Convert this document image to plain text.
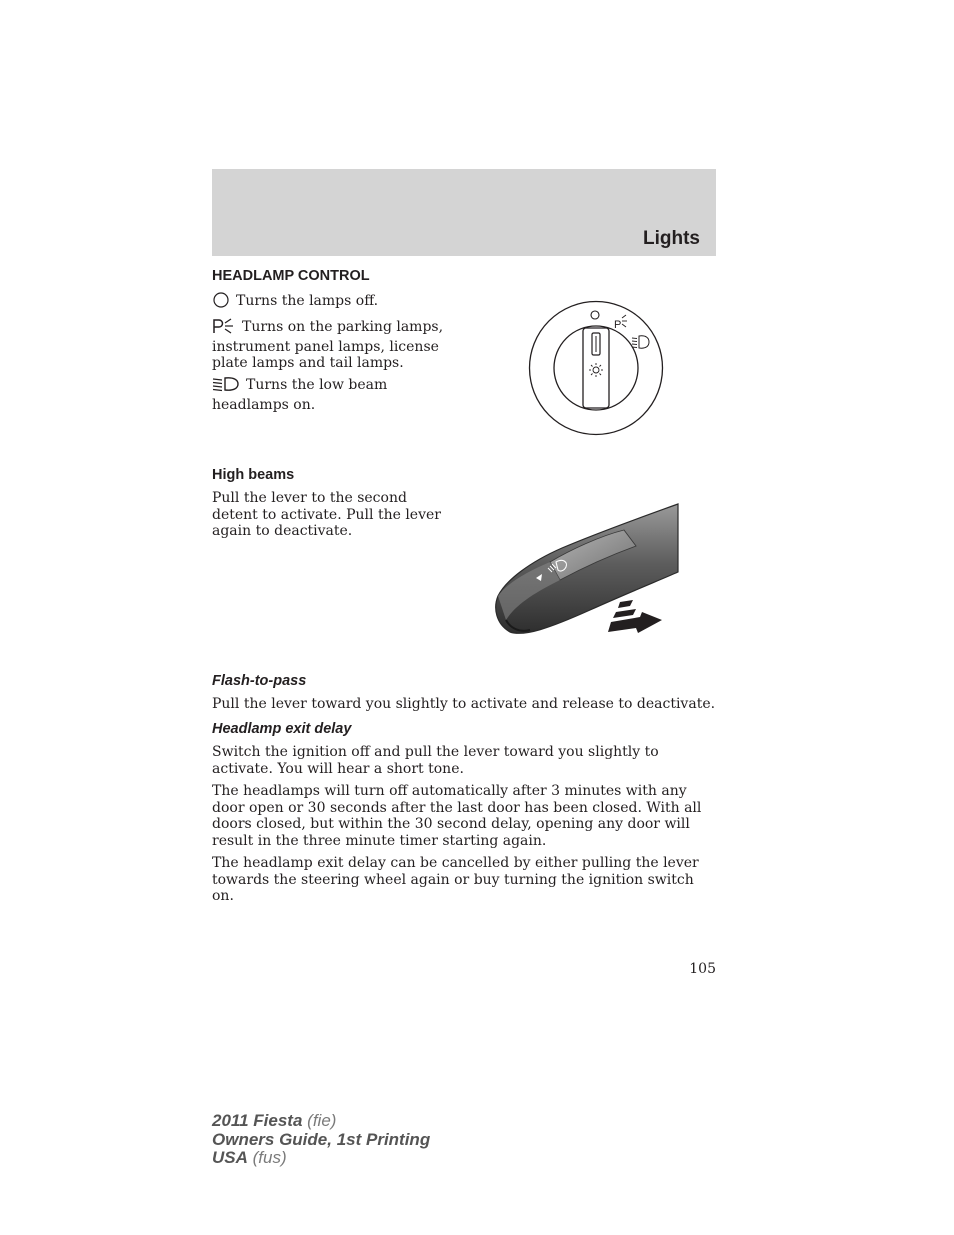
Lights
HEADLAMP CONTROL

Turns the lamps off.

Turns on the parking lamps, instrument panel lamps, license plate lamps and tail lamps.

Turns the low beam headlamps on.

P
High beams

Pull the lever to the second detent to activate. Pull the lever again to deactivate.

Flash-to-pass

Pull the lever toward you slightly to activate and release to deactivate.

Headlamp exit delay

Switch the ignition off and pull the lever toward you slightly to activate. You will hear a short tone.

The headlamps will turn off automatically after 3 minutes with any door open or 30 seconds after the last door has been closed. With all doors closed, but within the 30 second delay, opening any door will result in the three minute timer starting again.

The headlamp exit delay can be cancelled by either pulling the lever towards the steering wheel again or buy turning the ignition switch on.

105
2011 Fiesta (fie)
Owners Guide, 1st Printing
USA (fus)
